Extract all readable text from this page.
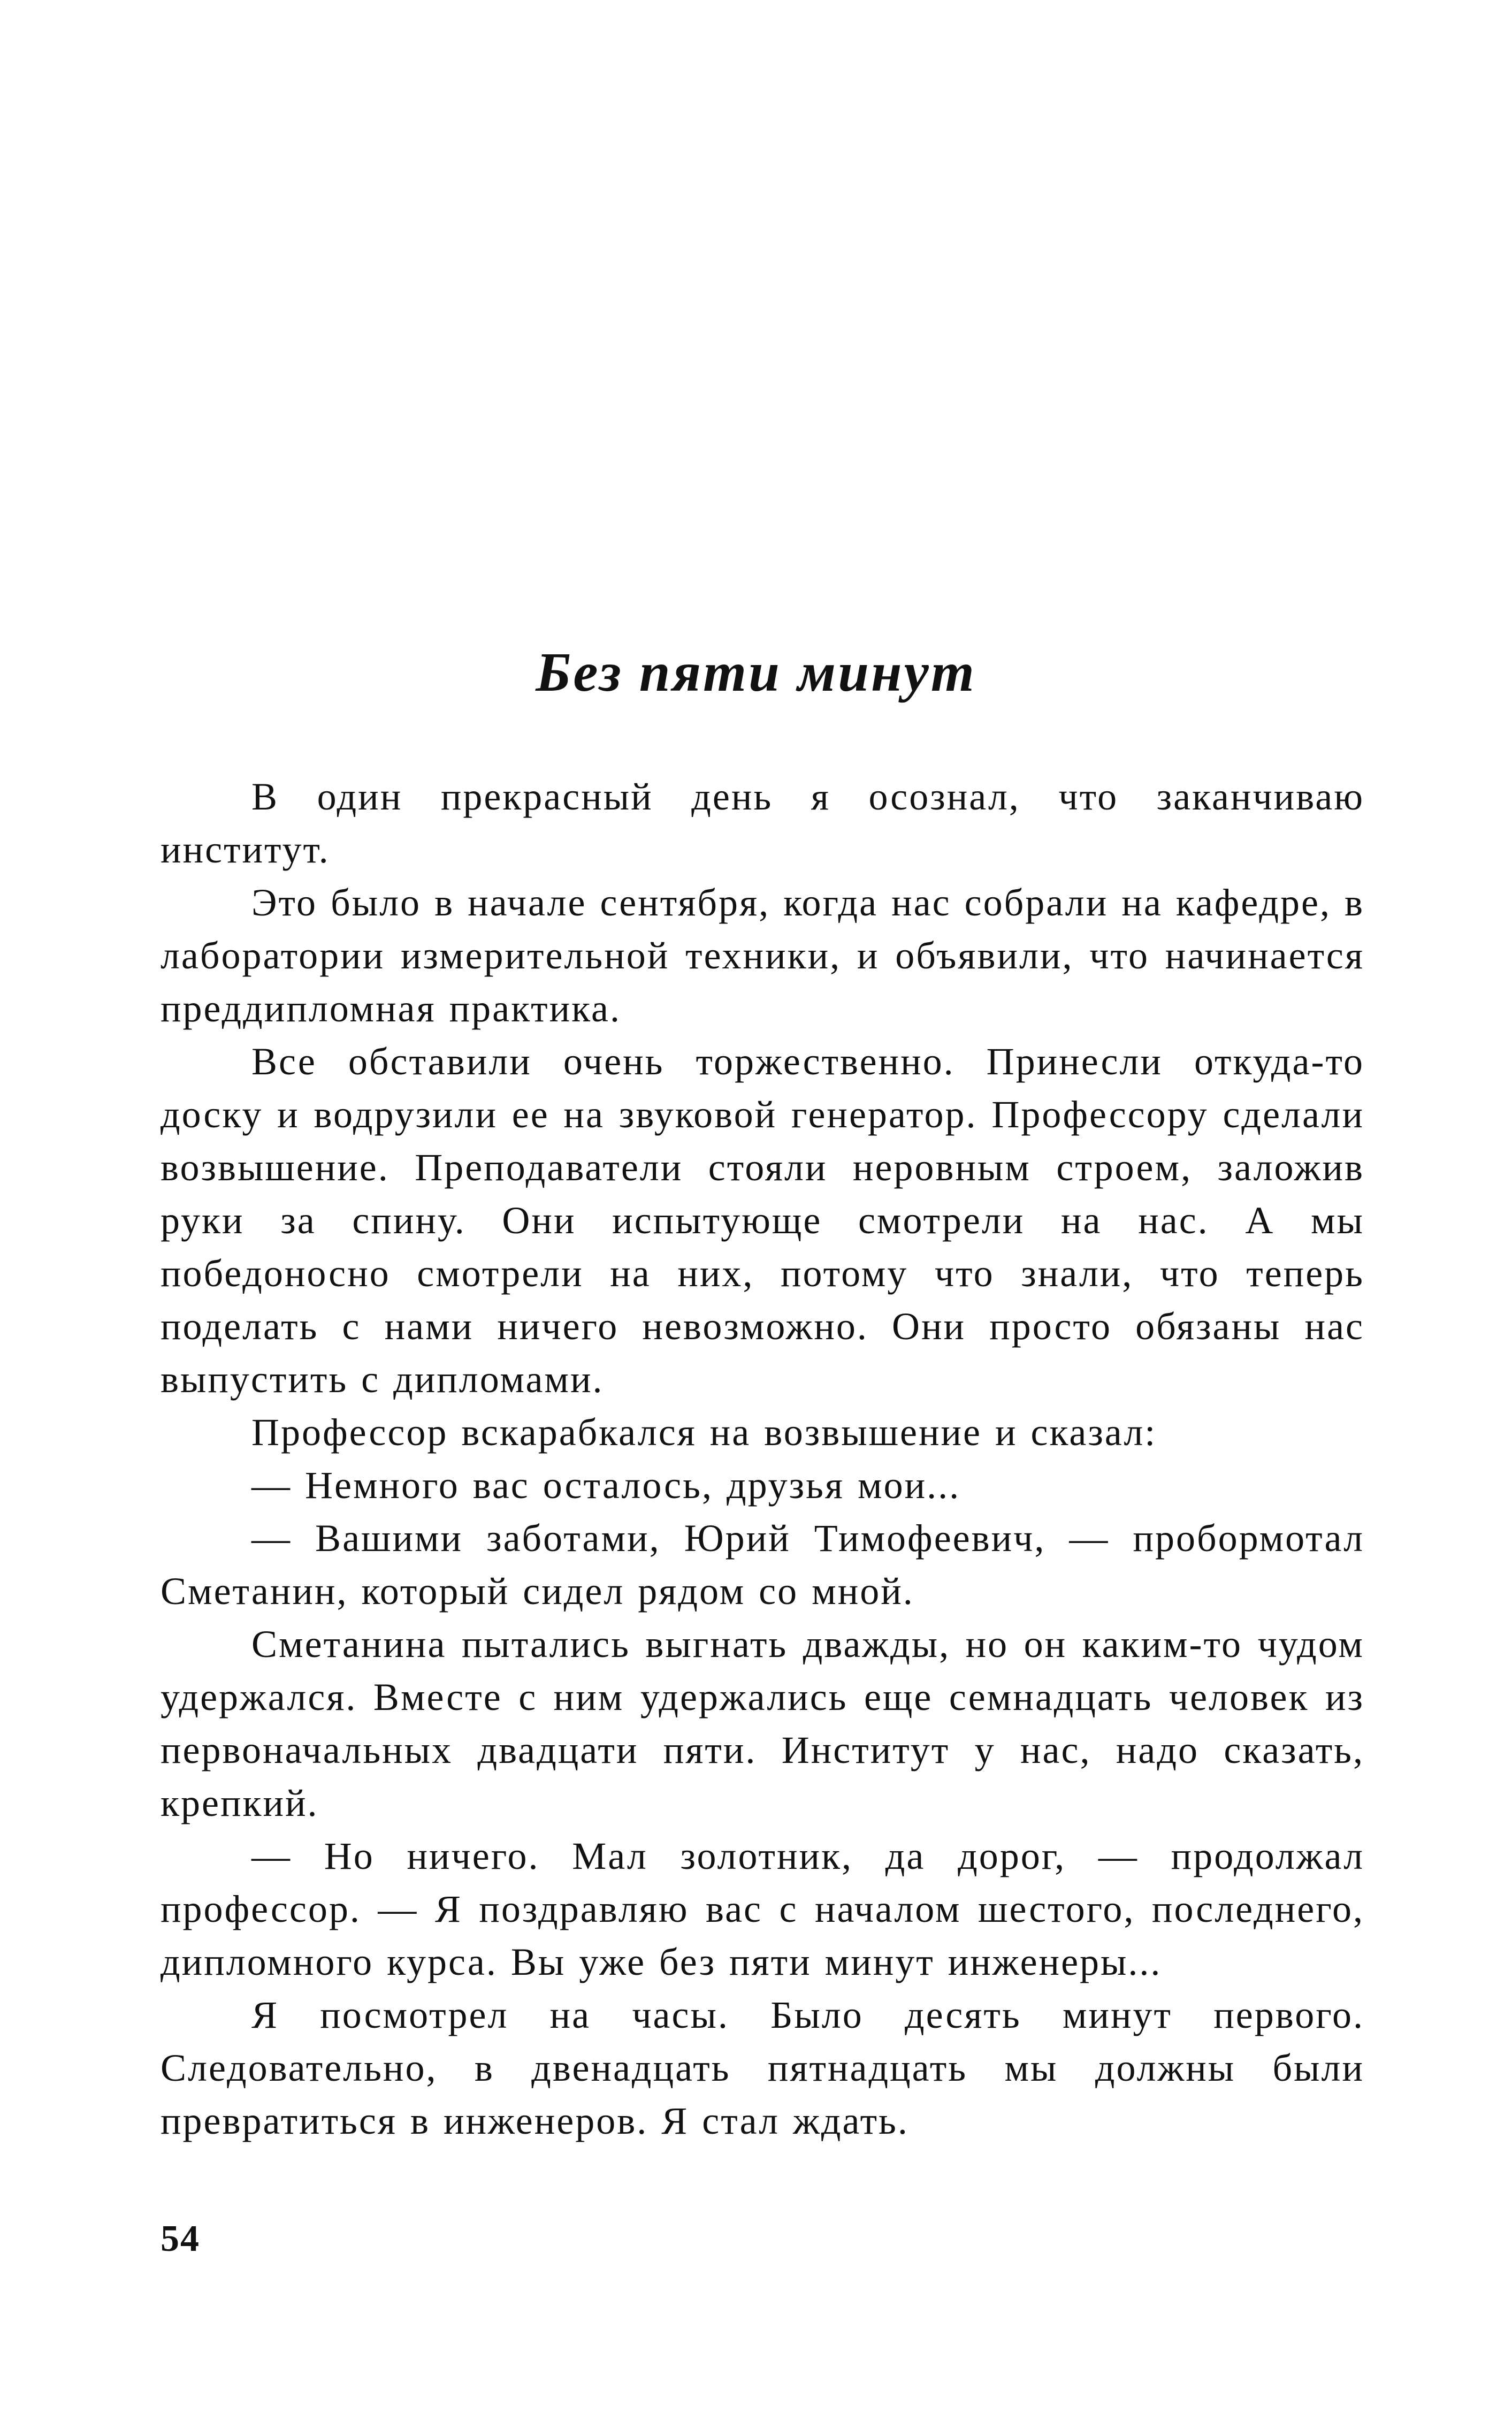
Без пяти минут

В один прекрасный день я осознал, что заканчиваю институт.

Это было в начале сентября, когда нас собрали на кафедре, в лаборатории измерительной техники, и объявили, что начинается преддипломная практика.

Все обставили очень торжественно. Принесли откуда-то доску и водрузили ее на звуковой генератор. Профессору сделали возвышение. Преподаватели стояли неровным строем, заложив руки за спину. Они испытующе смотрели на нас. А мы победоносно смотрели на них, потому что знали, что теперь поделать с нами ничего невозможно. Они просто обязаны нас выпустить с дипломами.

Профессор вскарабкался на возвышение и сказал:

— Немного вас осталось, друзья мои...

— Вашими заботами, Юрий Тимофеевич, — пробормотал Сметанин, который сидел рядом со мной.

Сметанина пытались выгнать дважды, но он каким-то чудом удержался. Вместе с ним удержались еще семнадцать человек из первоначальных двадцати пяти. Институт у нас, надо сказать, крепкий.

— Но ничего. Мал золотник, да дорог, — продолжал профессор. — Я поздравляю вас с началом шестого, последнего, дипломного курса. Вы уже без пяти минут инженеры...

Я посмотрел на часы. Было десять минут первого. Следовательно, в двенадцать пятнадцать мы должны были превратиться в инженеров. Я стал ждать.

54
